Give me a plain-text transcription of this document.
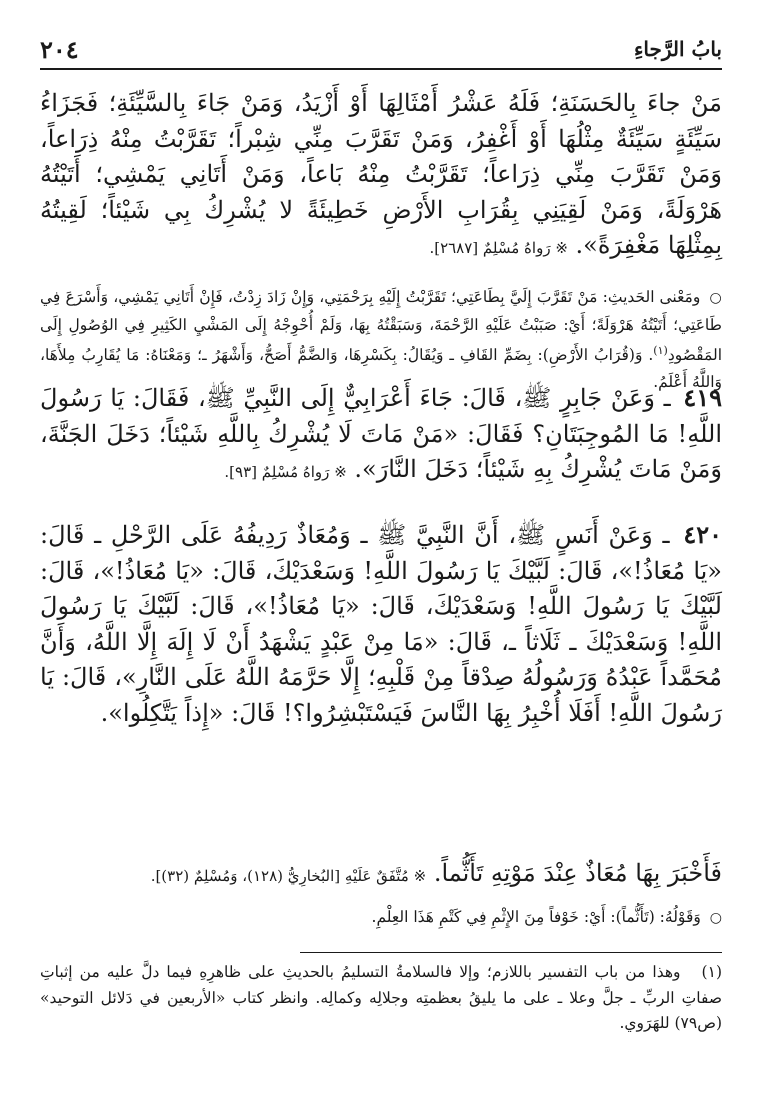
بابُ الرَّجاءِ
٢٠٤
مَنْ جاءَ بِالحَسَنَةِ؛ فَلَهُ عَشْرُ أَمْثَالِهَا أَوْ أَزْيَدُ، وَمَنْ جَاءَ بِالسَّيِّئَةِ؛ فَجَزَاءُ سَيِّئَةٍ سَيِّئَةٌ مِثْلُهَا أَوْ أَغْفِرُ، وَمَنْ تَقَرَّبَ مِنِّي شِبْراً؛ تَقَرَّبْتُ مِنْهُ ذِرَاعاً، وَمَنْ تَقَرَّبَ مِنِّي ذِرَاعاً؛ تَقَرَّبْتُ مِنْهُ بَاعاً، وَمَنْ أَتَانِي يَمْشِي؛ أَتَيْتُهُ هَرْوَلَةً، وَمَنْ لَقِيَنِي بِقُرَابِ الأَرْضِ خَطِيئَةً لا يُشْرِكُ بِي شَيْئاً؛ لَقِيتُهُ بِمِثْلِهَا مَغْفِرَةً». ※ رَواهُ مُسْلِمٌ [٢٦٨٧].
○ ومَعْنى الحَديثِ: مَنْ تَقَرَّبَ إِلَيَّ بِطَاعَتِي؛ تَقَرَّبْتُ إِلَيْهِ بِرَحْمَتِي، وَإِنْ زَادَ زِدْتُ، فَإِنْ أَتَانِي يَمْشِي، وَأَسْرَعَ فِي طَاعَتِي؛ أَتَيْتُهُ هَرْوَلَةً؛ أَيْ: صَبَبْتُ عَلَيْهِ الرَّحْمَةَ، وَسَبَقْتُهُ بِهَا، وَلَمْ أُحْوِجْهُ إِلَى المَشْيِ الكَثِيرِ فِي الوُصُولِ إِلَى المَقْصُودِ$^{(١)}$. وَ(قُرَابُ الأَرْضِ): بِضَمِّ القَافِ ـ وَيُقَالُ: بِكَسْرِهَا، وَالضَّمُّ أَصَحُّ، وَأَشْهَرُ ـ؛ وَمَعْنَاهُ: مَا يُقَارِبُ مِلأَهَا، وَاللَّهُ أَعْلَمُ.
٤١٩ ـ وَعَنْ جَابِرٍ ﷺ، قَالَ: جَاءَ أَعْرَابِيٌّ إِلَى النَّبِيِّ ﷺ، فَقَالَ: يَا رَسُولَ اللَّهِ! مَا المُوجِبَتَانِ؟ فَقَالَ: «مَنْ مَاتَ لَا يُشْرِكُ بِاللَّهِ شَيْئاً؛ دَخَلَ الجَنَّةَ، وَمَنْ مَاتَ يُشْرِكُ بِهِ شَيْئاً؛ دَخَلَ النَّارَ». ※ رَواهُ مُسْلِمٌ [٩٣].
٤٢٠ ـ وَعَنْ أَنَسٍ ﷺ، أَنَّ النَّبِيَّ ﷺ ـ وَمُعَاذٌ رَدِيفُهُ عَلَى الرَّحْلِ ـ قَالَ: «يَا مُعَاذُ!»، قَالَ: لَبَّيْكَ يَا رَسُولَ اللَّهِ! وَسَعْدَيْكَ، قَالَ: «يَا مُعَاذُ!»، قَالَ: لَبَّيْكَ يَا رَسُولَ اللَّهِ! وَسَعْدَيْكَ، قَالَ: «يَا مُعَاذُ!»، قَالَ: لَبَّيْكَ يَا رَسُولَ اللَّهِ! وَسَعْدَيْكَ ـ ثَلَاثاً ـ، قَالَ: «مَا مِنْ عَبْدٍ يَشْهَدُ أَنْ لَا إِلَهَ إِلَّا اللَّهُ، وَأَنَّ مُحَمَّداً عَبْدُهُ وَرَسُولُهُ صِدْقاً مِنْ قَلْبِهِ؛ إِلَّا حَرَّمَهُ اللَّهُ عَلَى النَّارِ»، قَالَ: يَا رَسُولَ اللَّهِ! أَفَلَا أُخْبِرُ بِهَا النَّاسَ فَيَسْتَبْشِرُوا؟! قَالَ: «إِذاً يَتَّكِلُوا».
فَأَخْبَرَ بِهَا مُعَاذٌ عِنْدَ مَوْتِهِ تَأَثُّماً. ※ مُتَّفَقٌ عَلَيْهِ [البُخارِيُّ (١٢٨)، وَمُسْلِمٌ (٣٢)].
○ وَقَوْلُهُ: (تَأَثُّماً): أَيْ: خَوْفاً مِنَ الإِثْمِ فِي كَتْمِ هَذَا العِلْمِ.
(١) وهذا من باب التفسير باللازم؛ وإلا فالسلامةُ التسليمُ بالحديثِ على ظاهرِهِ فيما دلَّ عليه من إثباتِ صفاتِ الربِّ ـ جلَّ وعلا ـ على ما يليقُ بعظمتِه وجلالِه وكمالِه. وانظر كتاب «الأربعين في دَلائل التوحيد» (ص٧٩) للهَرَوي.
